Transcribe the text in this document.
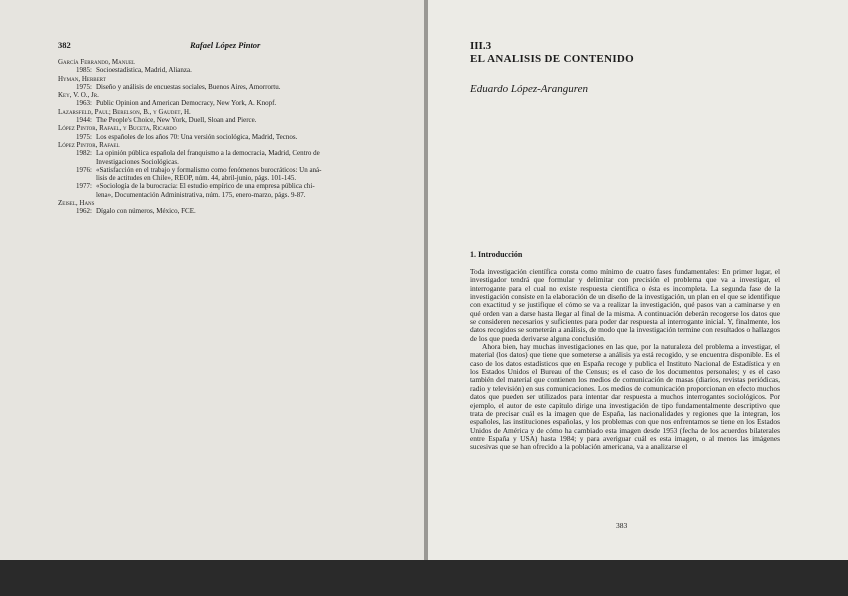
382	Rafael López Pintor
García Ferrando, Manuel
1985: Socioestadística, Madrid, Alianza.
Hyman, Herbert
1975: Diseño y análisis de encuestas sociales, Buenos Aires, Amorrortu.
Key, V. O., Jr.
1963: Public Opinion and American Democracy, New York, A. Knopf.
Lazarsfeld, Paul; Berelson, B., y Gaudet, H.
1944: The People's Choice, New York, Duell, Sloan and Pierce.
López Pintor, Rafael, y Buceta, Ricardo
1975: Los españoles de los años 70: Una versión sociológica, Madrid, Tecnos.
López Pintor, Rafael
1982: La opinión pública española del franquismo a la democracia, Madrid, Centro de
Investigaciones Sociológicas.
1976: «Satisfacción en el trabajo y formalismo como fenómenos burocráticos: Un aná-
lisis de actitudes en Chile», REOP, núm. 44, abril-junio, págs. 101-145.
1977: «Sociología de la burocracia: El estudio empírico de una empresa pública chi-
lena», Documentación Administrativa, núm. 175, enero-marzo, págs. 9-87.
Zeisel, Hans
1962: Dígalo con números, México, FCE.
III.3
EL ANALISIS DE CONTENIDO
Eduardo López-Aranguren
1. Introducción

Toda investigación científica consta como mínimo de cuatro fases fundamentales: En primer lugar, el investigador tendrá que formular y delimitar con precisión el problema que va a investigar, el interrogante para el cual no existe respuesta científica o ésta es incompleta. La segunda fase de la investigación consiste en la elaboración de un diseño de la investigación, un plan en el que se identifique con exactitud y se justifique el cómo se va a realizar la investigación, qué pasos van a caminarse y en qué orden van a darse hasta llegar al final de la misma. A continuación deberán recogerse los datos que se consideren necesarios y suficientes para poder dar respuesta al interrogante inicial. Y, finalmente, los datos recogidos se someterán a análisis, de modo que la investigación termine con resultados o hallazgos de los que pueda derivarse alguna conclusión.

Ahora bien, hay muchas investigaciones en las que, por la naturaleza del problema a investigar, el material (los datos) que tiene que someterse a análisis ya está recogido, y se encuentra disponible. Es el caso de los datos estadísticos que en España recoge y publica el Instituto Nacional de Estadística y en los Estados Unidos el Bureau of the Census; es el caso de los documentos personales; y es el caso también del material que contienen los medios de comunicación de masas (diarios, revistas periódicas, radio y televisión) en sus comunicaciones. Los medios de comunicación proporcionan en efecto muchos datos que pueden ser utilizados para intentar dar respuesta a muchos interrogantes sociológicos. Por ejemplo, el autor de este capítulo dirige una investigación de tipo fundamentalmente descriptivo que trata de precisar cuál es la imagen que de España, las nacionalidades y regiones que la integran, los españoles, las instituciones españolas, y los problemas con que nos enfrentamos se tiene en los Estados Unidos de América y de cómo ha cambiado esta imagen desde 1953 (fecha de los acuerdos bilaterales entre España y USA) hasta 1984; y para averiguar cuál es esta imagen, o al menos las imágenes sucesivas que se han ofrecido a la población americana, va a analizarse el

383
